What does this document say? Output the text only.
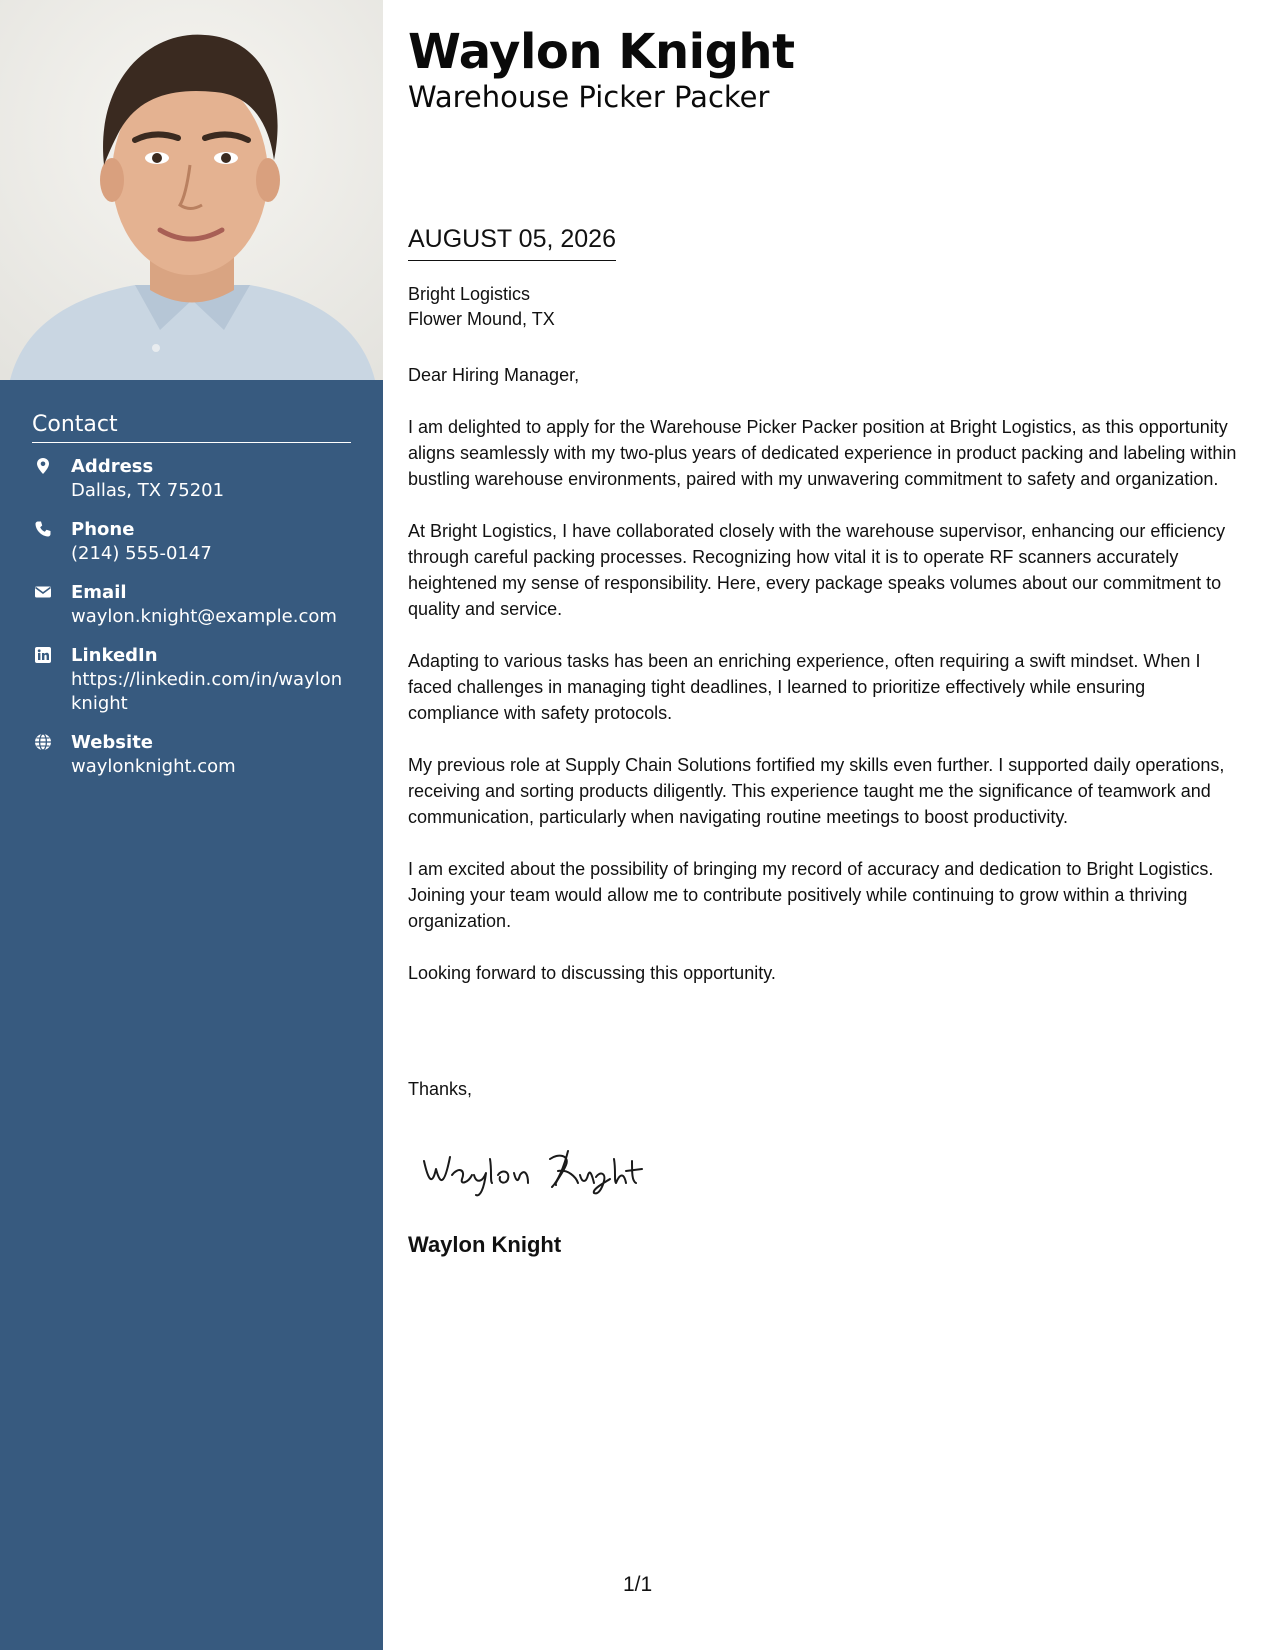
Contact
Address
Dallas, TX 75201
Phone
(214) 555-0147
Email
waylon.knight@example.com
LinkedIn
https://linkedin.com/in/waylonknight
Website
waylonknight.com
Waylon Knight
Warehouse Picker Packer
AUGUST 05, 2026
Bright Logistics
Flower Mound, TX

Dear Hiring Manager,

I am delighted to apply for the Warehouse Picker Packer position at Bright Logistics, as this opportunity aligns seamlessly with my two-plus years of dedicated experience in product packing and labeling within bustling warehouse environments, paired with my unwavering commitment to safety and organization.

At Bright Logistics, I have collaborated closely with the warehouse supervisor, enhancing our efficiency through careful packing processes. Recognizing how vital it is to operate RF scanners accurately heightened my sense of responsibility. Here, every package speaks volumes about our commitment to quality and service.

Adapting to various tasks has been an enriching experience, often requiring a swift mindset. When I faced challenges in managing tight deadlines, I learned to prioritize effectively while ensuring compliance with safety protocols.

My previous role at Supply Chain Solutions fortified my skills even further. I supported daily operations, receiving and sorting products diligently. This experience taught me the significance of teamwork and communication, particularly when navigating routine meetings to boost productivity.

I am excited about the possibility of bringing my record of accuracy and dedication to Bright Logistics. Joining your team would allow me to contribute positively while continuing to grow within a thriving organization.

Looking forward to discussing this opportunity.

Thanks,
Waylon Knight
1/1
